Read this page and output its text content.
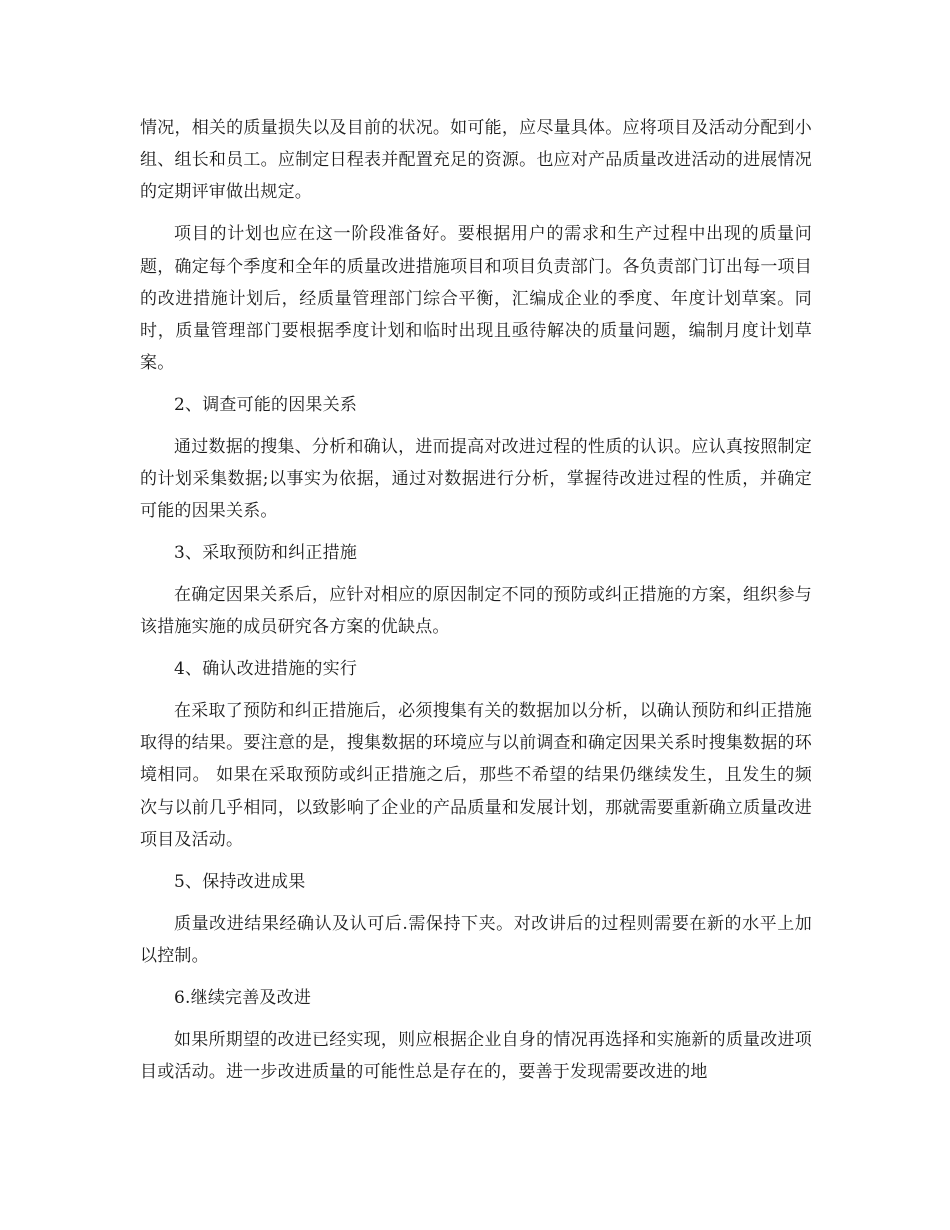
情况，相关的质量损失以及目前的状况。如可能，应尽量具体。应将项目及活动分配到小组、组长和员工。应制定日程表并配置充足的资源。也应对产品质量改进活动的进展情况的定期评审做出规定。

项目的计划也应在这一阶段准备好。要根据用户的需求和生产过程中出现的质量问题，确定每个季度和全年的质量改进措施项目和项目负责部门。各负责部门订出每一项目的改进措施计划后，经质量管理部门综合平衡，汇编成企业的季度、年度计划草案。同时，质量管理部门要根据季度计划和临时出现且亟待解决的质量问题，编制月度计划草案。

2、调查可能的因果关系

通过数据的搜集、分析和确认，进而提高对改进过程的性质的认识。应认真按照制定的计划采集数据;以事实为依据，通过对数据进行分析，掌握待改进过程的性质，并确定可能的因果关系。

3、采取预防和纠正措施

在确定因果关系后，应针对相应的原因制定不同的预防或纠正措施的方案，组织参与该措施实施的成员研究各方案的优缺点。

4、确认改进措施的实行

在采取了预防和纠正措施后，必须搜集有关的数据加以分析，以确认预防和纠正措施取得的结果。要注意的是，搜集数据的环境应与以前调查和确定因果关系时搜集数据的环境相同。 如果在采取预防或纠正措施之后，那些不希望的结果仍继续发生，且发生的频次与以前几乎相同，以致影响了企业的产品质量和发展计划，那就需要重新确立质量改进项目及活动。

5、保持改进成果

质量改进结果经确认及认可后.需保持下夹。对改讲后的过程则需要在新的水平上加以控制。

6.继续完善及改进

如果所期望的改进已经实现，则应根据企业自身的情况再选择和实施新的质量改进项目或活动。进一步改进质量的可能性总是存在的，要善于发现需要改进的地
